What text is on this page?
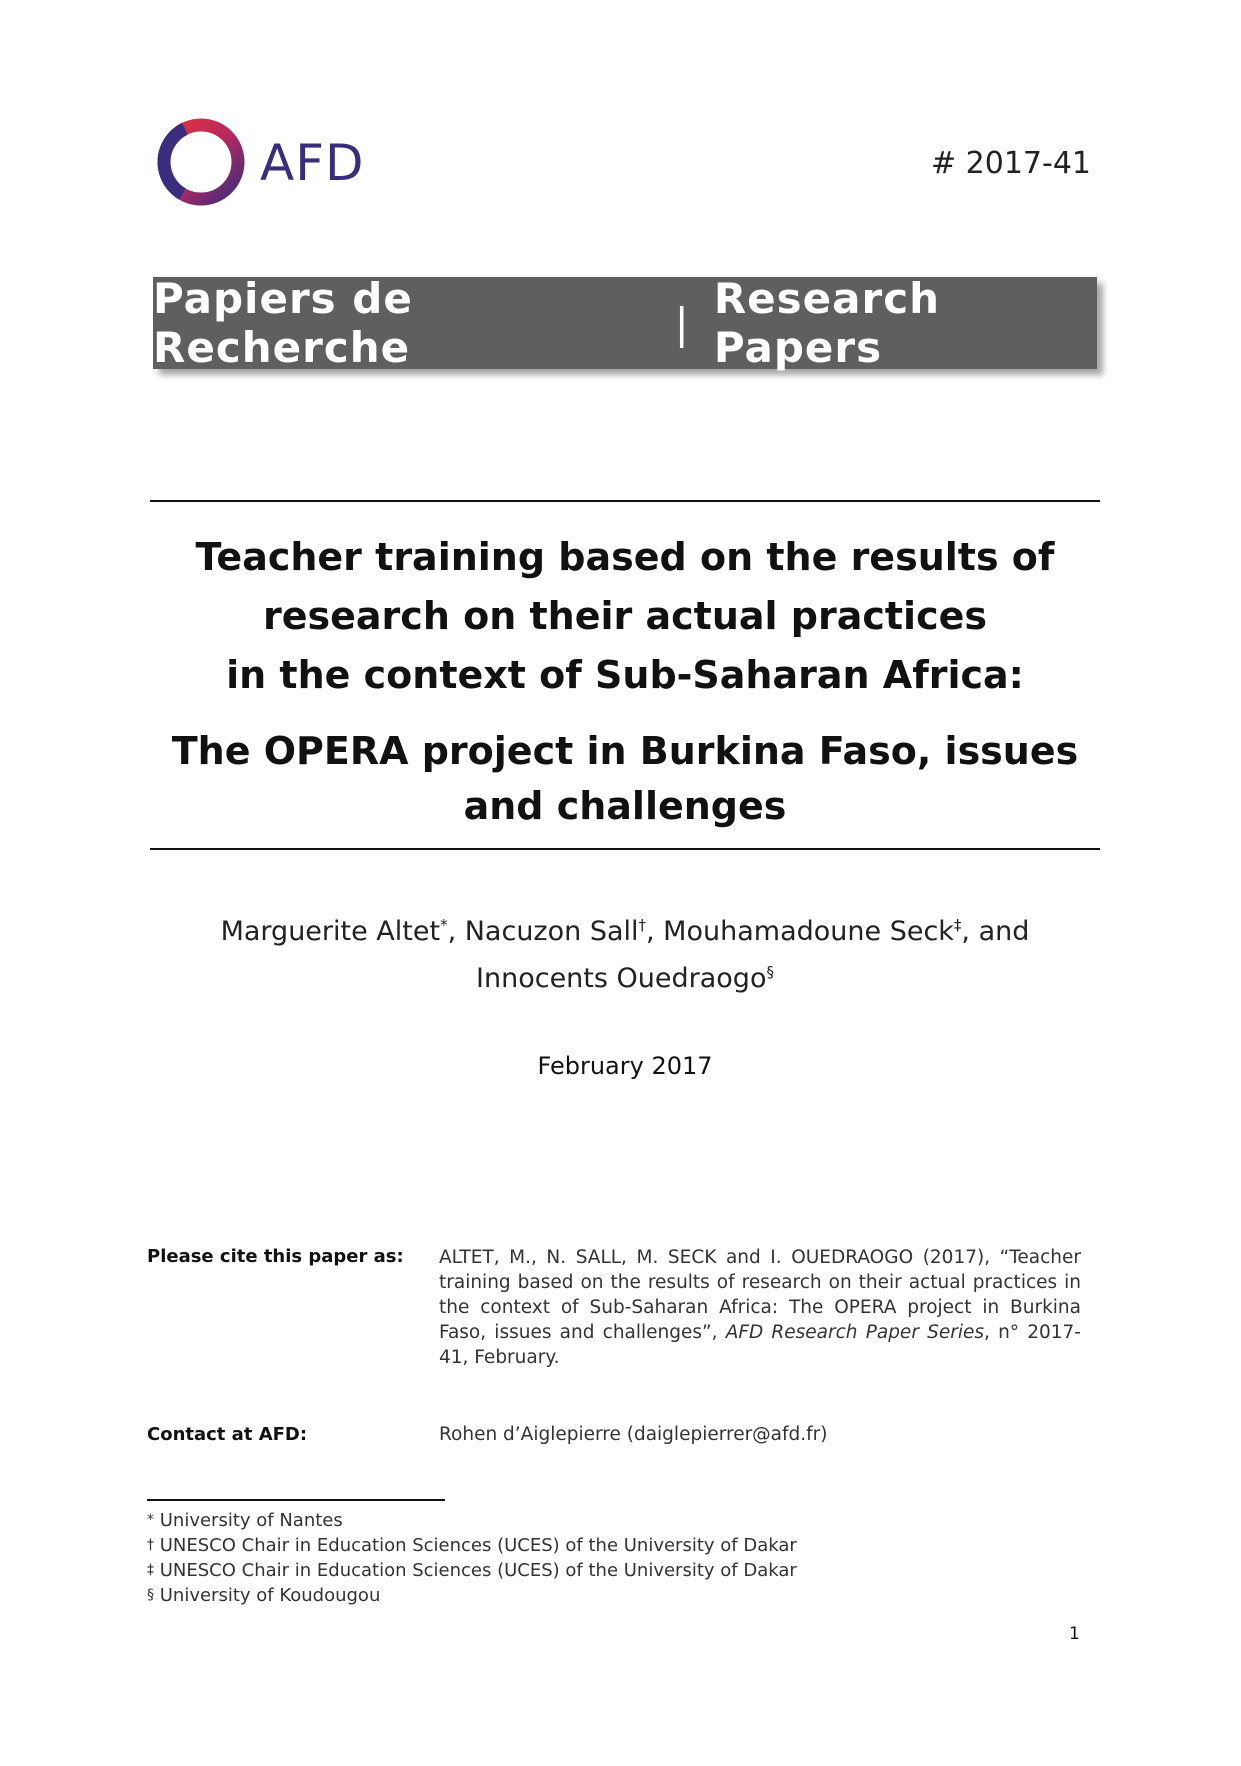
AFD	# 2017-41
Papiers de Recherche	| Research Papers
Teacher training based on the results of
research on their actual practices
in the context of Sub-Saharan Africa:
The OPERA project in Burkina Faso, issues
and challenges
Marguerite Altet*, Nacuzon Sall†, Mouhamadoune Seck‡, and
Innocents Ouedraogo§
February 2017
Please cite this paper as: ALTET, M., N. SALL, M. SECK and I. OUEDRAOGO (2017), “Teacher training based on the results of research on their actual practices in the context of Sub-Saharan Africa: The OPERA project in Burkina Faso, issues and challenges”, AFD Research Paper Series, n° 2017-41, February.
Contact at AFD:	Rohen d’Aiglepierre (daiglepierrer@afd.fr)
* University of Nantes
† UNESCO Chair in Education Sciences (UCES) of the University of Dakar
‡ UNESCO Chair in Education Sciences (UCES) of the University of Dakar
§ University of Koudougou
1
